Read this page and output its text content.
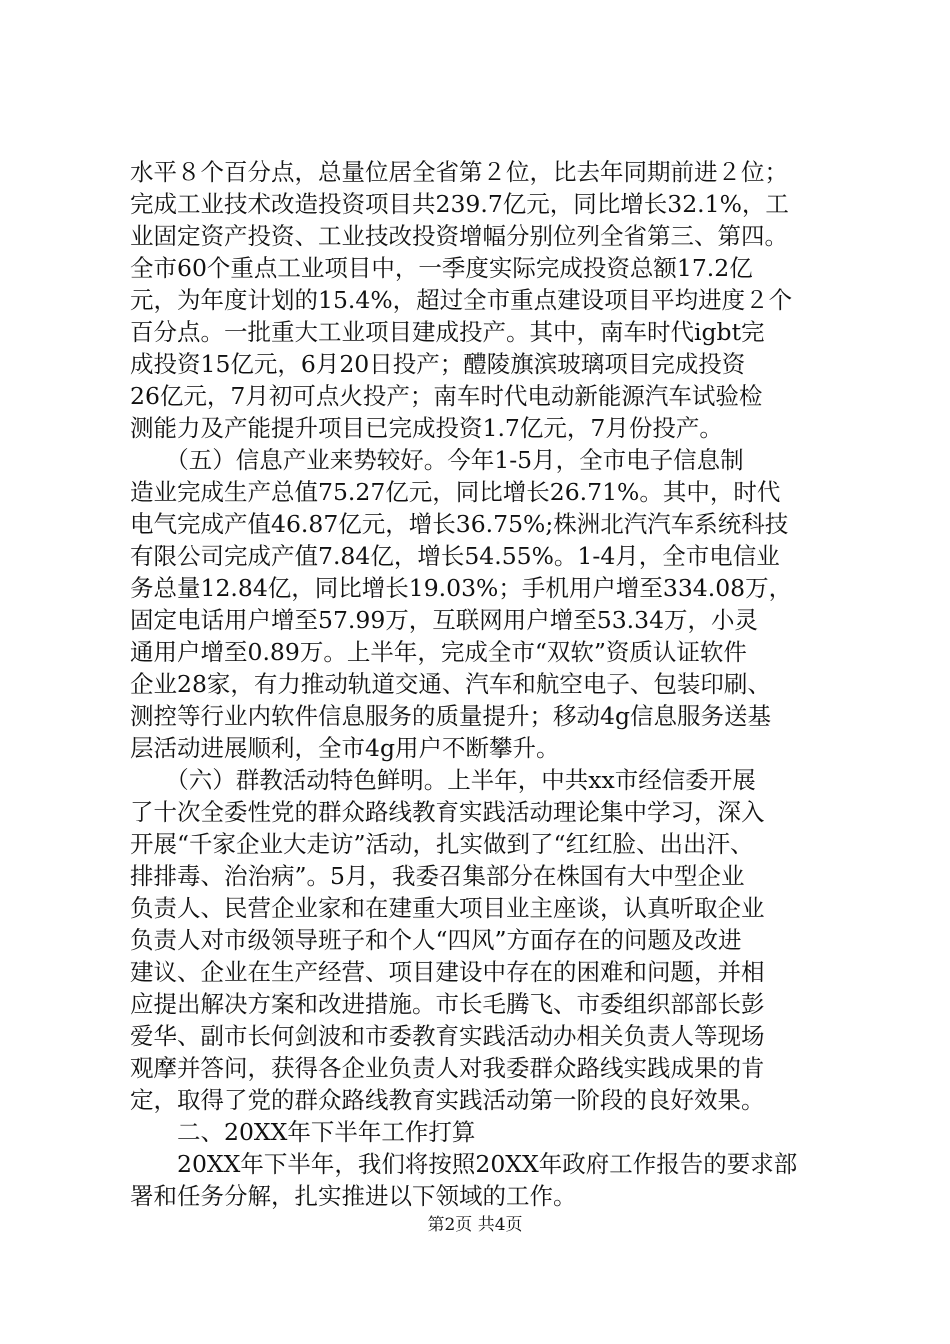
水平８个百分点，总量位居全省第２位，比去年同期前进２位；
完成工业技术改造投资项目共239.7亿元，同比增长32.1%，工
业固定资产投资、工业技改投资增幅分别位列全省第三、第四。
全市60个重点工业项目中，一季度实际完成投资总额17.2亿
元，为年度计划的15.4%，超过全市重点建设项目平均进度２个
百分点。一批重大工业项目建成投产。其中，南车时代igbt完
成投资15亿元，6月20日投产；醴陵旗滨玻璃项目完成投资
26亿元，7月初可点火投产；南车时代电动新能源汽车试验检
测能力及产能提升项目已完成投资1.7亿元，7月份投产。
　　（五）信息产业来势较好。今年1-5月，全市电子信息制
造业完成生产总值75.27亿元，同比增长26.71%。其中，时代
电气完成产值46.87亿元，增长36.75%;株洲北汽汽车系统科技
有限公司完成产值7.84亿，增长54.55%。1-4月，全市电信业
务总量12.84亿，同比增长19.03%；手机用户增至334.08万，
固定电话用户增至57.99万，互联网用户增至53.34万，小灵
通用户增至0.89万。上半年，完成全市“双软”资质认证软件
企业28家，有力推动轨道交通、汽车和航空电子、包装印刷、
测控等行业内软件信息服务的质量提升；移动4g信息服务送基
层活动进展顺利，全市4g用户不断攀升。
　　（六）群教活动特色鲜明。上半年，中共xx市经信委开展
了十次全委性党的群众路线教育实践活动理论集中学习，深入
开展“千家企业大走访”活动，扎实做到了“红红脸、出出汗、
排排毒、治治病”。5月，我委召集部分在株国有大中型企业
负责人、民营企业家和在建重大项目业主座谈，认真听取企业
负责人对市级领导班子和个人“四风”方面存在的问题及改进
建议、企业在生产经营、项目建设中存在的困难和问题，并相
应提出解决方案和改进措施。市长毛腾飞、市委组织部部长彭
爱华、副市长何剑波和市委教育实践活动办相关负责人等现场
观摩并答问，获得各企业负责人对我委群众路线实践成果的肯
定，取得了党的群众路线教育实践活动第一阶段的良好效果。
　　二、20XX年下半年工作打算
　　20XX年下半年，我们将按照20XX年政府工作报告的要求部
署和任务分解，扎实推进以下领域的工作。
第2页 共4页
